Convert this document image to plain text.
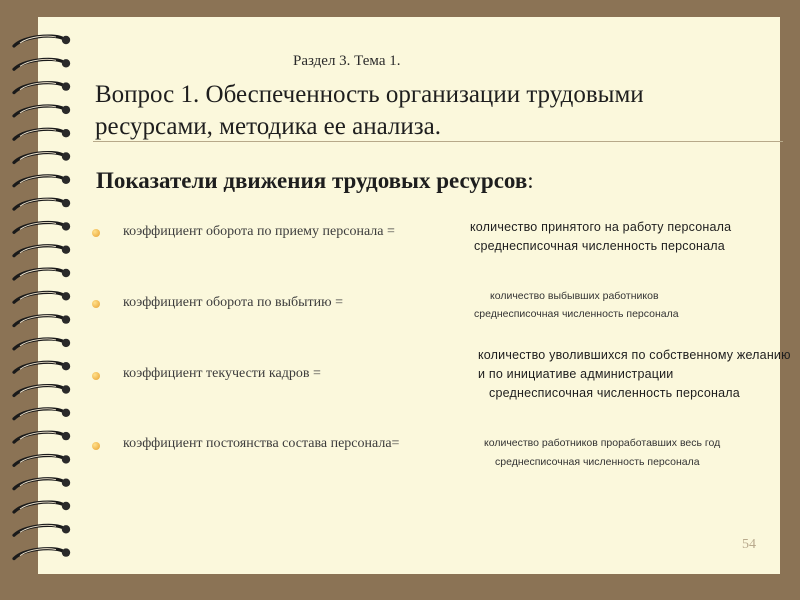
Раздел 3. Тема 1.
Вопрос 1. Обеспеченность организации трудовыми ресурсами, методика ее анализа.
Показатели движения трудовых ресурсов:
коэффициент оборота по приему персонала =	количество принятого на работу персонала
среднесписочная численность персонала
коэффициент оборота по выбытию =	количество выбывших работников
среднесписочная численность персонала
коэффициент текучести кадров =
количество уволившихся по собственному желанию
и по инициативе администрации
среднесписочная численность персонала
коэффициент постоянства состава персонала=	количество работников проработавших весь год
среднесписочная численность персонала
54
